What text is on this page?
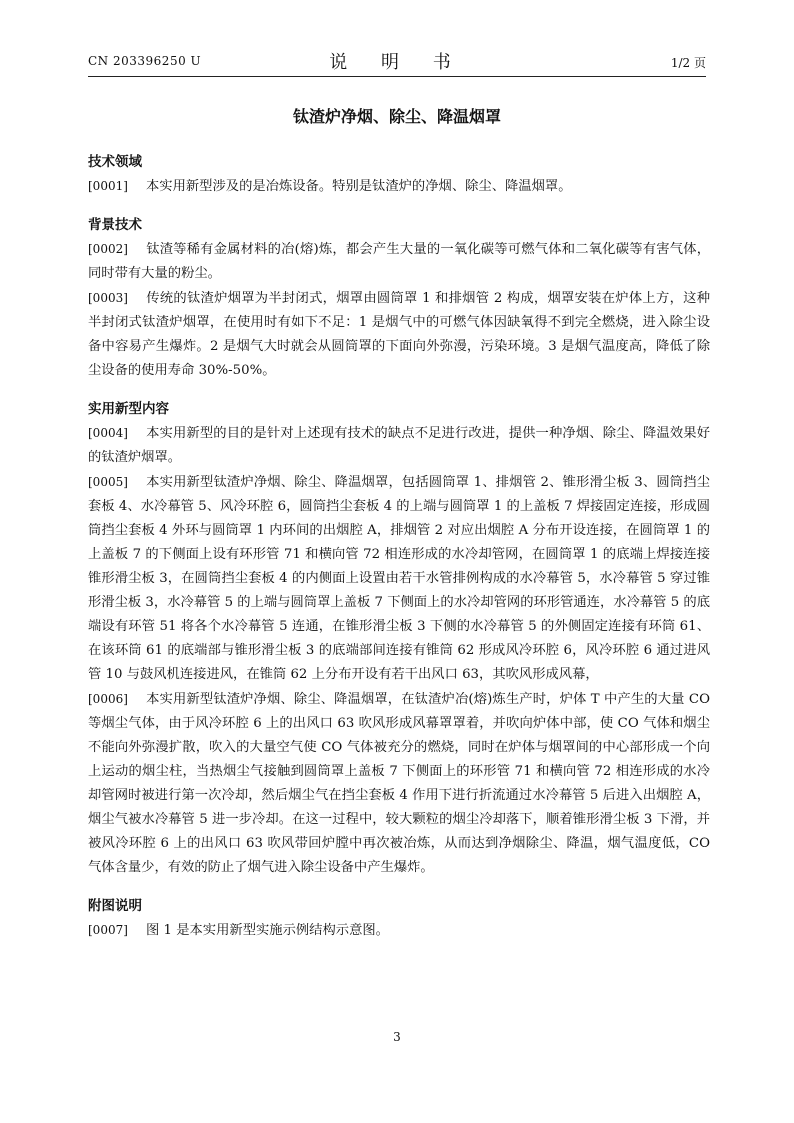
CN 203396250 U	说 明 书	1/2 页
钛渣炉净烟、除尘、降温烟罩
技术领域
[0001] 本实用新型涉及的是冶炼设备。特别是钛渣炉的净烟、除尘、降温烟罩。
背景技术
[0002] 钛渣等稀有金属材料的冶(熔)炼，都会产生大量的一氧化碳等可燃气体和二氧化碳等有害气体，同时带有大量的粉尘。
[0003] 传统的钛渣炉烟罩为半封闭式，烟罩由圆筒罩 1 和排烟管 2 构成，烟罩安装在炉体上方，这种半封闭式钛渣炉烟罩，在使用时有如下不足：1 是烟气中的可燃气体因缺氧得不到完全燃烧，进入除尘设备中容易产生爆炸。2 是烟气大时就会从圆筒罩的下面向外弥漫，污染环境。3 是烟气温度高，降低了除尘设备的使用寿命 30%-50%。
实用新型内容
[0004] 本实用新型的目的是针对上述现有技术的缺点不足进行改进，提供一种净烟、除尘、降温效果好的钛渣炉烟罩。
[0005] 本实用新型钛渣炉净烟、除尘、降温烟罩，包括圆筒罩 1、排烟管 2、锥形滑尘板 3、圆筒挡尘套板 4、水冷幕管 5、风冷环腔 6，圆筒挡尘套板 4 的上端与圆筒罩 1 的上盖板 7 焊接固定连接，形成圆筒挡尘套板 4 外环与圆筒罩 1 内环间的出烟腔 A，排烟管 2 对应出烟腔 A 分布开设连接，在圆筒罩 1 的上盖板 7 的下侧面上设有环形管 71 和横向管 72 相连形成的水冷却管网，在圆筒罩 1 的底端上焊接连接锥形滑尘板 3，在圆筒挡尘套板 4 的内侧面上设置由若干水管排例构成的水冷幕管 5，水冷幕管 5 穿过锥形滑尘板 3，水冷幕管 5 的上端与圆筒罩上盖板 7 下侧面上的水冷却管网的环形管通连，水冷幕管 5 的底端设有环管 51 将各个水冷幕管 5 连通，在锥形滑尘板 3 下侧的水冷幕管 5 的外侧固定连接有环筒 61、在该环筒 61 的底端部与锥形滑尘板 3 的底端部间连接有锥筒 62 形成风冷环腔 6，风冷环腔 6 通过进风管 10 与鼓风机连接进风，在锥筒 62 上分布开设有若干出风口 63，其吹风形成风幕，
[0006] 本实用新型钛渣炉净烟、除尘、降温烟罩，在钛渣炉冶(熔)炼生产时，炉体 T 中产生的大量 CO 等烟尘气体，由于风冷环腔 6 上的出风口 63 吹风形成风幕罩罩着，并吹向炉体中部，使 CO 气体和烟尘不能向外弥漫扩散，吹入的大量空气使 CO 气体被充分的燃烧，同时在炉体与烟罩间的中心部形成一个向上运动的烟尘柱，当热烟尘气接触到圆筒罩上盖板 7 下侧面上的环形管 71 和横向管 72 相连形成的水冷却管网时被进行第一次冷却，然后烟尘气在挡尘套板 4 作用下进行折流通过水冷幕管 5 后进入出烟腔 A，烟尘气被水冷幕管 5 进一步冷却。在这一过程中，较大颗粒的烟尘冷却落下，顺着锥形滑尘板 3 下滑，并被风冷环腔 6 上的出风口 63 吹风带回炉膛中再次被冶炼，从而达到净烟除尘、降温，烟气温度低，CO 气体含量少，有效的防止了烟气进入除尘设备中产生爆炸。
附图说明
[0007] 图 1 是本实用新型实施示例结构示意图。
3
